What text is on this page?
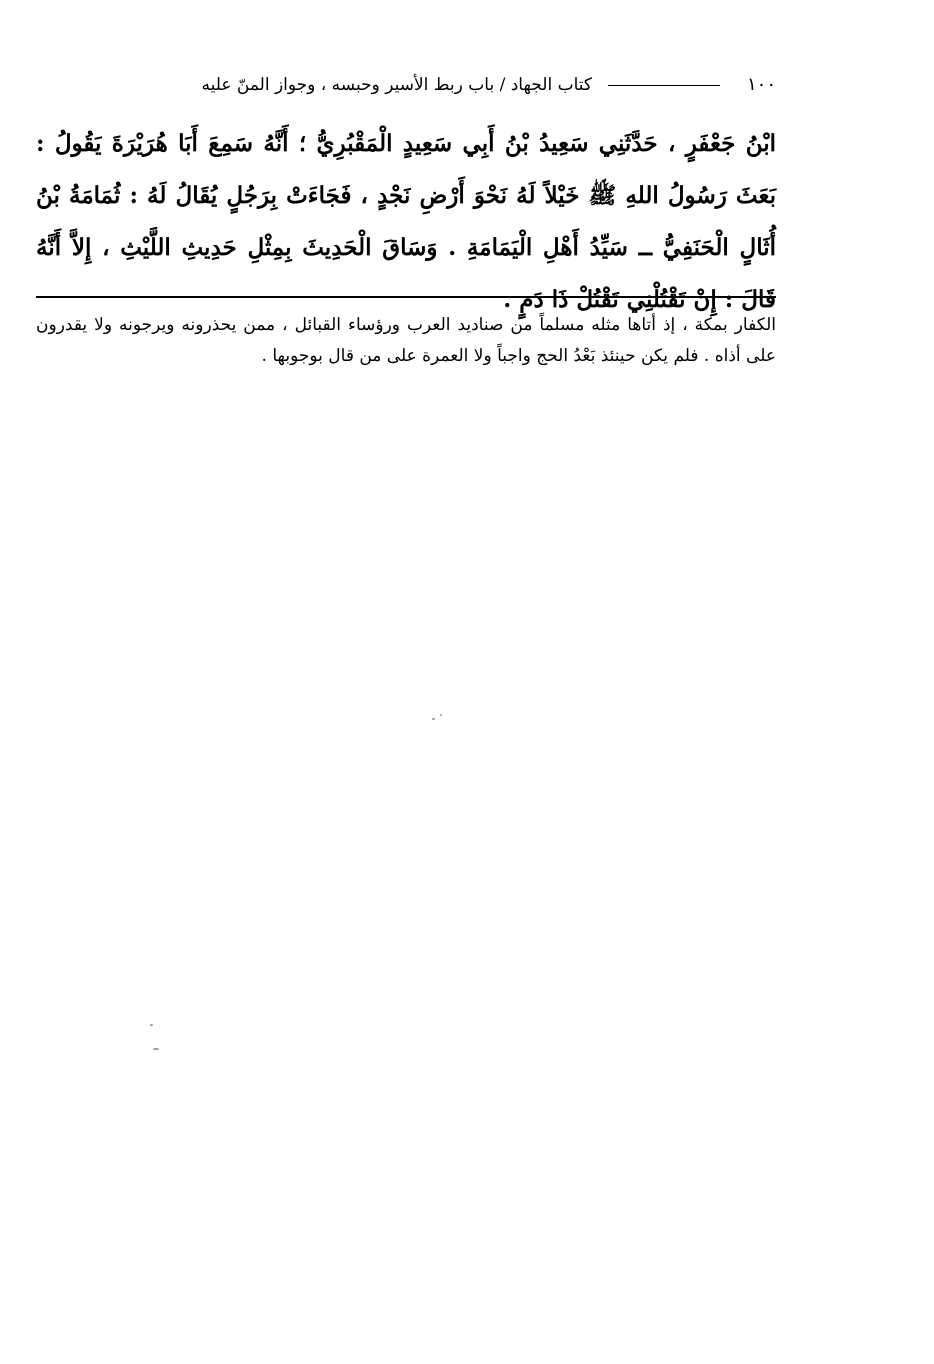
١٠٠
كتاب الجهاد / باب ربط الأسير وحبسه ، وجواز المنّ عليه

ابْنُ جَعْفَرٍ ، حَدَّثَنِي سَعِيدُ بْنُ أَبِي سَعِيدٍ الْمَقْبُرِيُّ ؛ أَنَّهُ سَمِعَ أَبَا هُرَيْرَةَ يَقُولُ : بَعَثَ رَسُولُ اللهِ ﷺ خَيْلاً لَهُ نَحْوَ أَرْضِ نَجْدٍ ، فَجَاءَتْ بِرَجُلٍ يُقَالُ لَهُ : ثُمَامَةُ بْنُ أُثَالٍ الْحَنَفِيُّ ــ سَيِّدُ أَهْلِ الْيَمَامَةِ . وَسَاقَ الْحَدِيثَ بِمِثْلِ حَدِيثِ اللَّيْثِ ، إِلاَّ أَنَّهُ قَالَ : إِنْ تَقْتُلْنِي تَقْتُلْ ذَا دَمٍ .

الكفار بمكة ، إذ أتاها مثله مسلماً من صناديد العرب ورؤساء القبائل ، ممن يحذرونه ويرجونه ولا يقدرون على أذاه . فلم يكن حينئذ بَعْدُ الحج واجباً ولا العمرة على من قال بوجوبها .
